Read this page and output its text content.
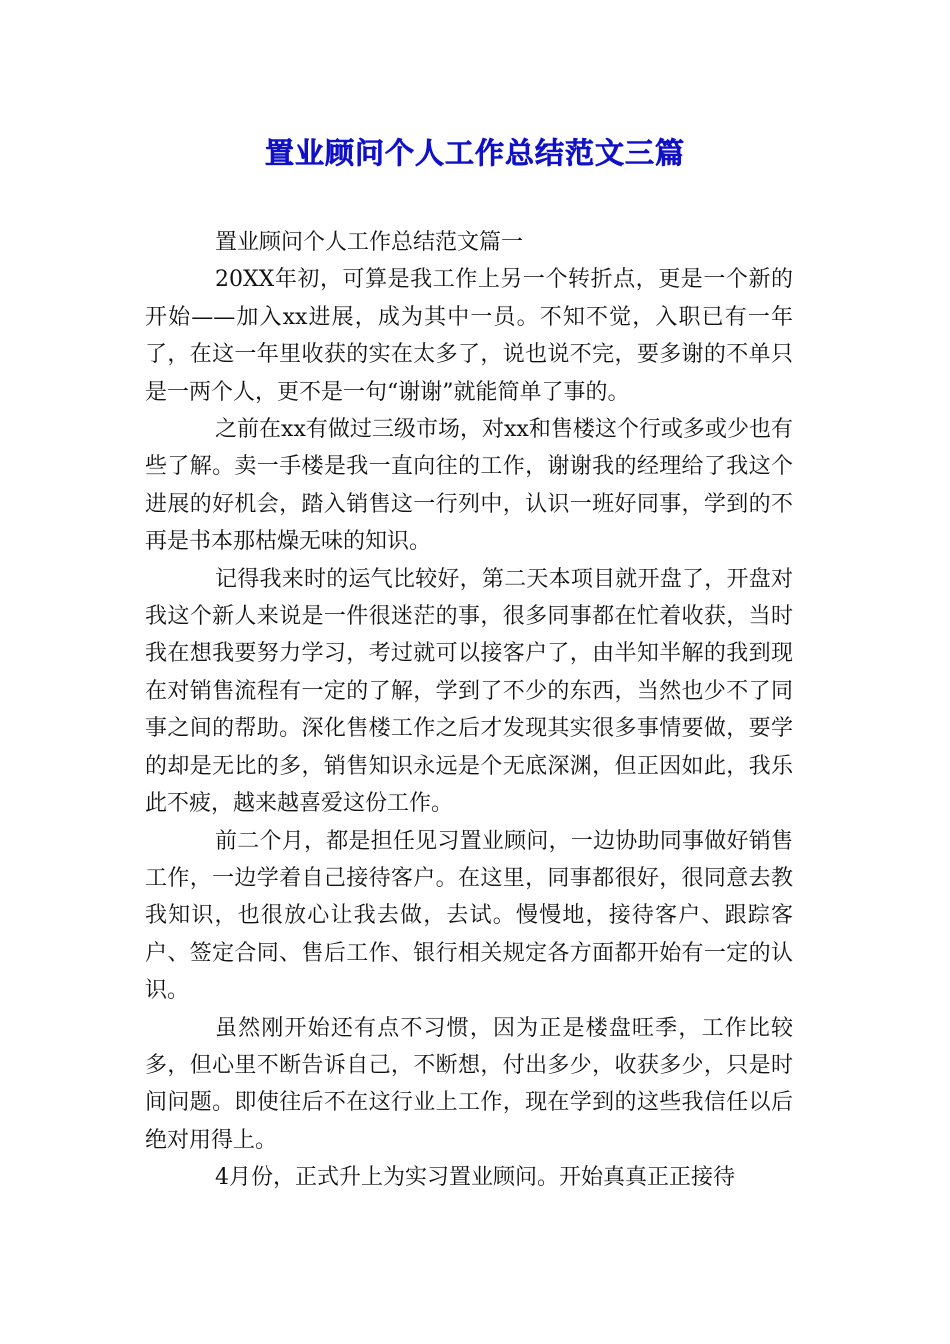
置业顾问个人工作总结范文三篇

置业顾问个人工作总结范文篇一

20XX年初，可算是我工作上另一个转折点，更是一个新的开始——加入xx进展，成为其中一员。不知不觉，入职已有一年了，在这一年里收获的实在太多了，说也说不完，要多谢的不单只是一两个人，更不是一句“谢谢”就能简单了事的。

之前在xx有做过三级市场，对xx和售楼这个行或多或少也有些了解。卖一手楼是我一直向往的工作，谢谢我的经理给了我这个进展的好机会，踏入销售这一行列中，认识一班好同事，学到的不再是书本那枯燥无味的知识。

记得我来时的运气比较好，第二天本项目就开盘了，开盘对我这个新人来说是一件很迷茫的事，很多同事都在忙着收获，当时我在想我要努力学习，考过就可以接客户了，由半知半解的我到现在对销售流程有一定的了解，学到了不少的东西，当然也少不了同事之间的帮助。深化售楼工作之后才发现其实很多事情要做，要学的却是无比的多，销售知识永远是个无底深渊，但正因如此，我乐此不疲，越来越喜爱这份工作。

前二个月，都是担任见习置业顾问，一边协助同事做好销售工作，一边学着自己接待客户。在这里，同事都很好，很同意去教我知识，也很放心让我去做，去试。慢慢地，接待客户、跟踪客户、签定合同、售后工作、银行相关规定各方面都开始有一定的认识。

虽然刚开始还有点不习惯，因为正是楼盘旺季，工作比较多，但心里不断告诉自己，不断想，付出多少，收获多少，只是时间问题。即使往后不在这行业上工作，现在学到的这些我信任以后绝对用得上。

4月份，正式升上为实习置业顾问。开始真真正正接待
